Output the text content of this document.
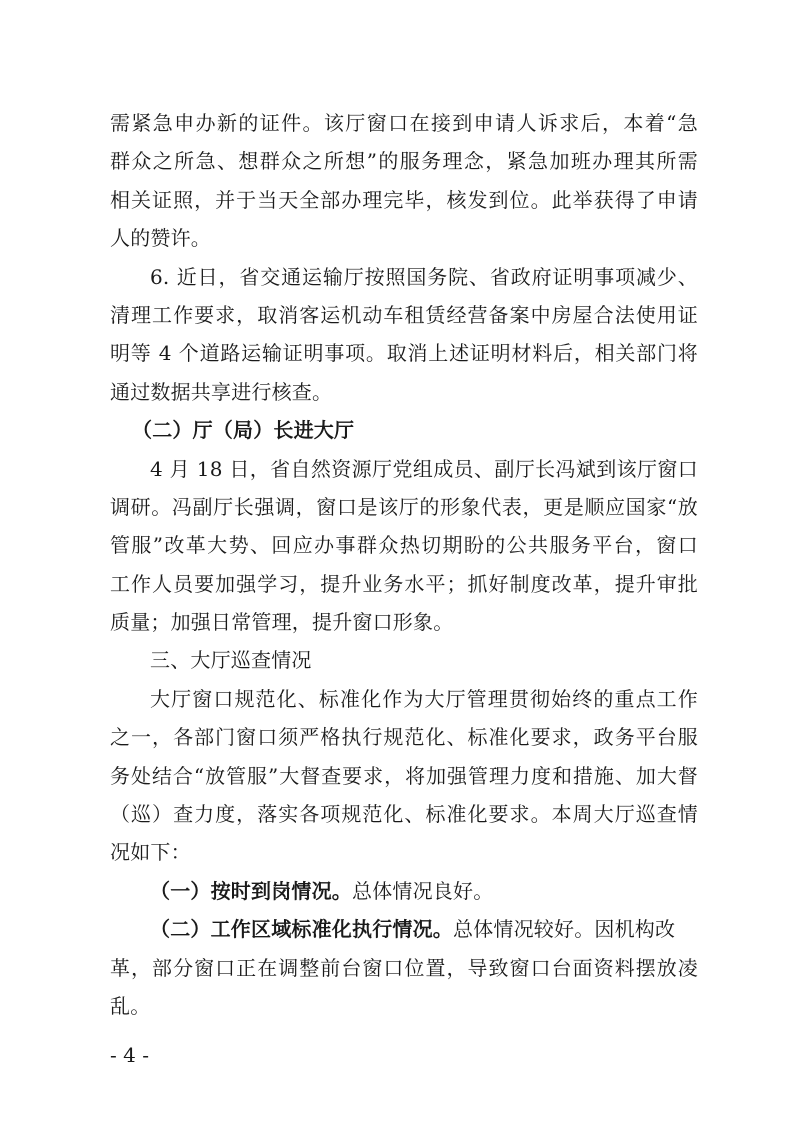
需紧急申办新的证件。该厅窗口在接到申请人诉求后，本着“急
群众之所急、想群众之所想”的服务理念，紧急加班办理其所需
相关证照，并于当天全部办理完毕，核发到位。此举获得了申请
人的赞许。
6. 近日，省交通运输厅按照国务院、省政府证明事项减少、
清理工作要求，取消客运机动车租赁经营备案中房屋合法使用证
明等 4 个道路运输证明事项。取消上述证明材料后，相关部门将
通过数据共享进行核查。
（二）厅（局）长进大厅
4 月 18 日，省自然资源厅党组成员、副厅长冯斌到该厅窗口
调研。冯副厅长强调，窗口是该厅的形象代表，更是顺应国家“放
管服”改革大势、回应办事群众热切期盼的公共服务平台，窗口
工作人员要加强学习，提升业务水平；抓好制度改革，提升审批
质量；加强日常管理，提升窗口形象。
三、大厅巡查情况
大厅窗口规范化、标准化作为大厅管理贯彻始终的重点工作
之一，各部门窗口须严格执行规范化、标准化要求，政务平台服
务处结合“放管服”大督查要求，将加强管理力度和措施、加大督
（巡）查力度，落实各项规范化、标准化要求。本周大厅巡查情
况如下：
（一）按时到岗情况。总体情况良好。
（二）工作区域标准化执行情况。总体情况较好。因机构改
革，部分窗口正在调整前台窗口位置，导致窗口台面资料摆放凌
乱。
- 4 -
